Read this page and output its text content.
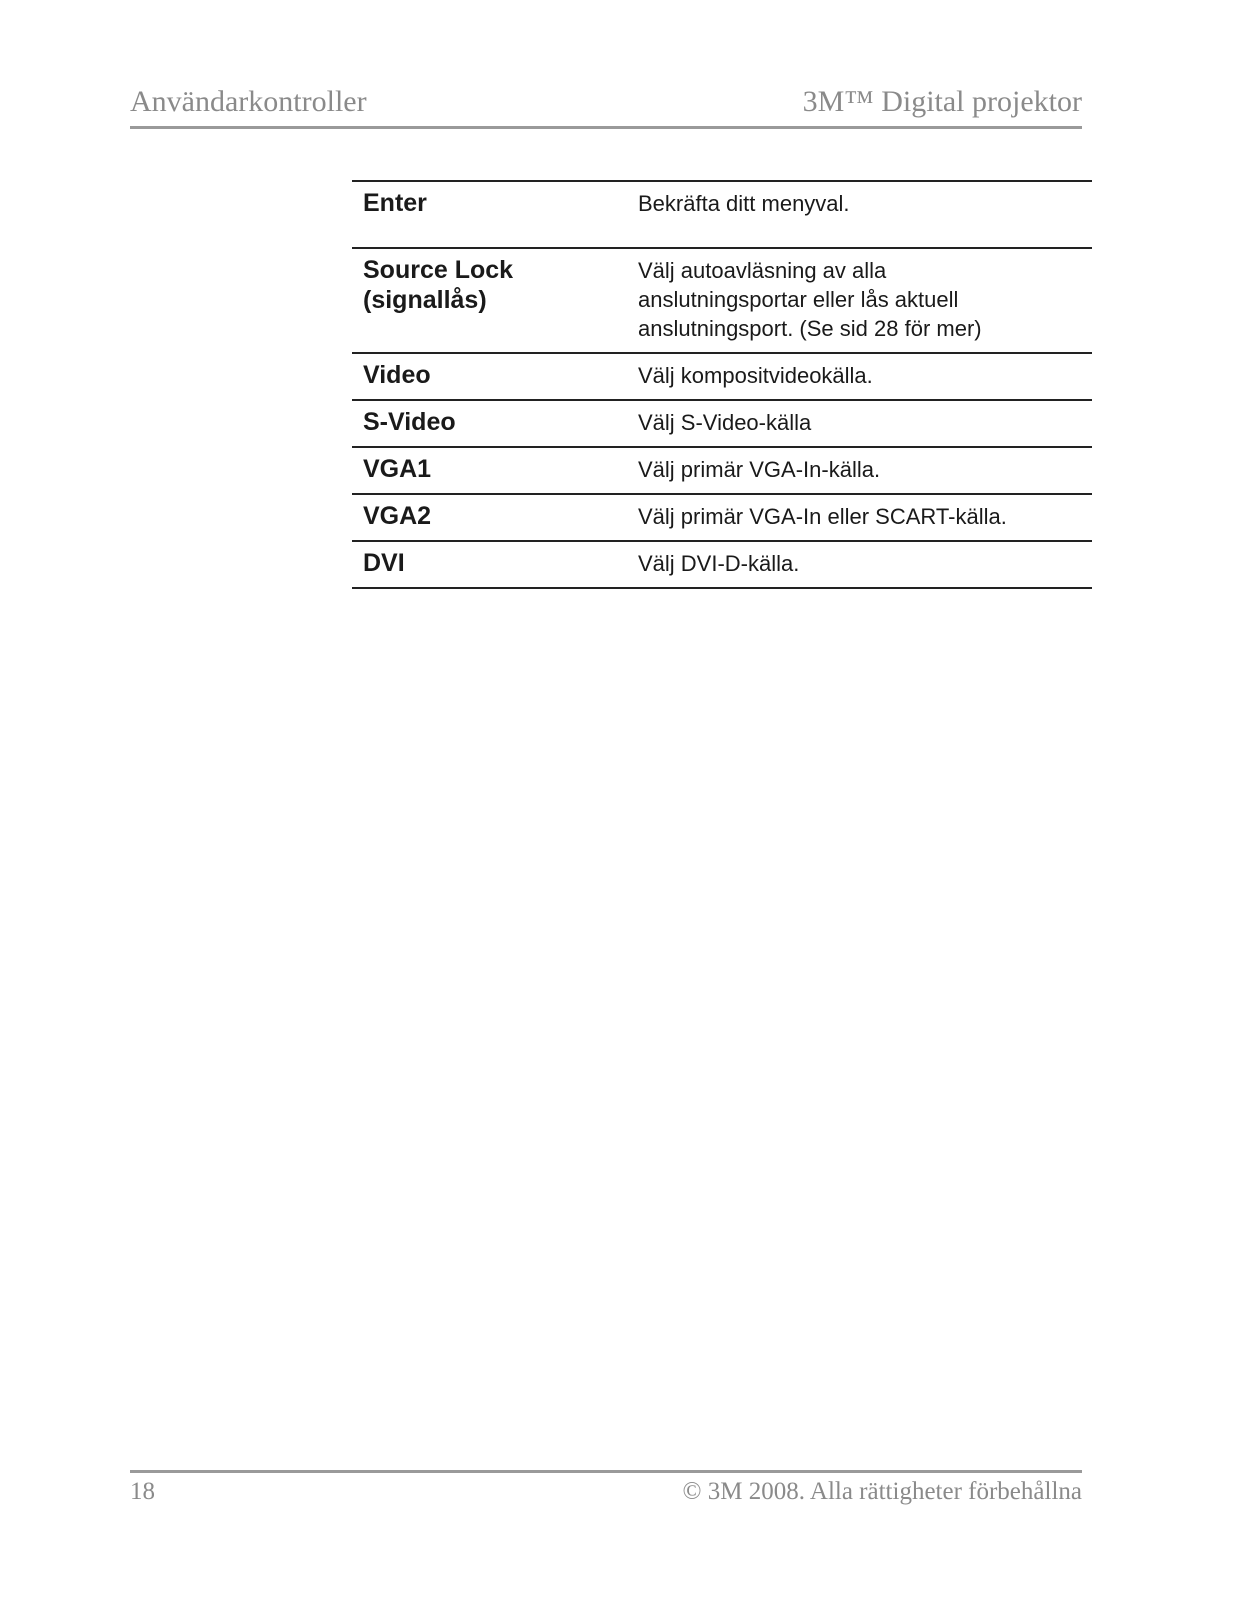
Användarkontroller	3M™ Digital projektor
Enter	Bekräfta ditt menyval.

Source Lock
(signallås)	Välj autoavläsning av alla
anslutningsportar eller lås aktuell
anslutningsport. (Se sid 28 för mer)

Video	Välj kompositvideokälla.

S-Video	Välj S-Video-källa

VGA1	Välj primär VGA-In-källa.

VGA2	Välj primär VGA-In eller SCART-källa.

DVI	Välj DVI-D-källa.
18	© 3M 2008. Alla rättigheter förbehållna
